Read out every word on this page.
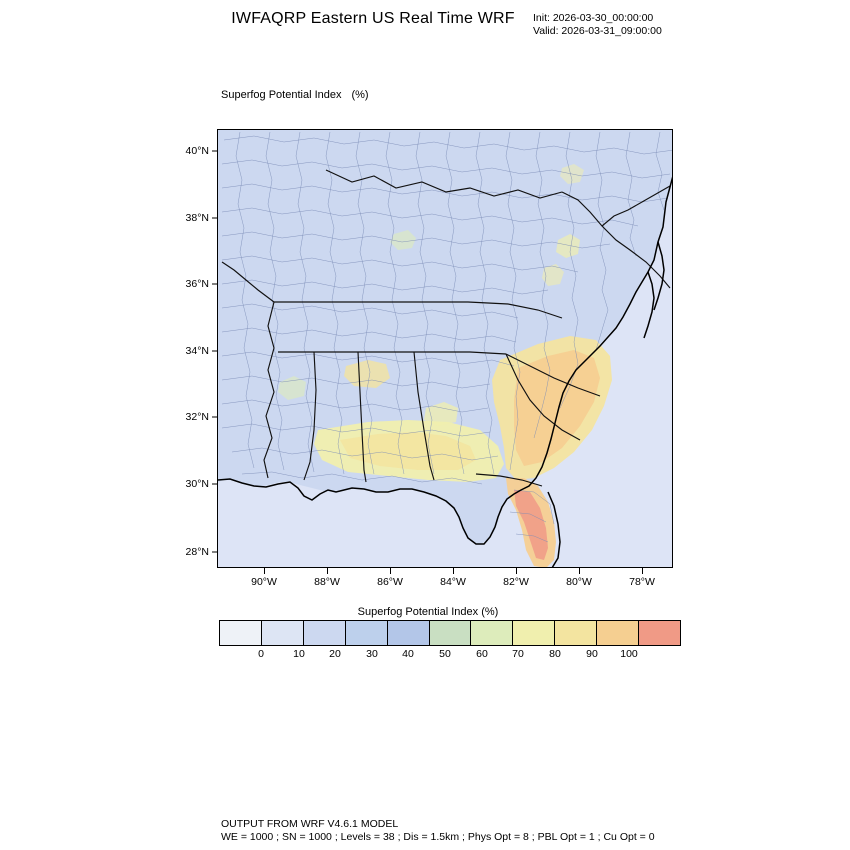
IWFAQRP Eastern US Real Time WRF	Init: 2026-03-30_00:00:00
Valid: 2026-03-31_09:00:00
Superfog Potential Index (%)
40°N
38°N
36°N
34°N
32°N
30°N
28°N
90°W	88°W	86°W	84°W	82°W	80°W	78°W
Superfog Potential Index (%)
0	10 20 30 40 50 60 70 80 90 100
OUTPUT FROM WRF V4.6.1 MODEL
WE = 1000 ; SN = 1000 ; Levels = 38 ; Dis = 1.5km ; Phys Opt = 8 ; PBL Opt = 1 ; Cu Opt = 0
